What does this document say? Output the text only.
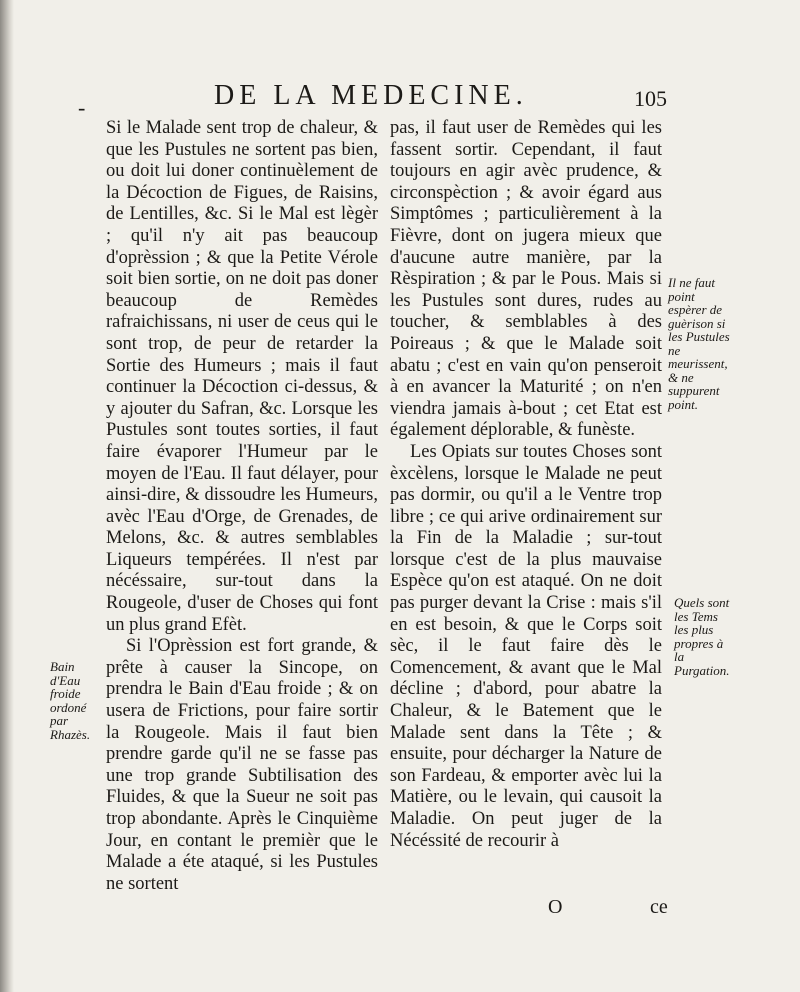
-	DE LA MEDECINE.	105

Si le Malade sent trop de chaleur, & que les Pustules ne sortent pas bien, ou doit lui doner continuèlement de la Décoction de Figues, de Raisins, de Lentilles, &c. Si le Mal est lègèr ; qu'il n'y ait pas beaucoup d'oprèssion ; & que la Petite Vérole soit bien sortie, on ne doit pas doner beaucoup de Remèdes rafraichissans, ni user de ceus qui le sont trop, de peur de retarder la Sortie des Humeurs ; mais il faut continuer la Décoction ci-dessus, & y ajouter du Safran, &c. Lorsque les Pustules sont toutes sorties, il faut faire évaporer l'Humeur par le moyen de l'Eau. Il faut délayer, pour ainsi-dire, & dissoudre les Humeurs, avèc l'Eau d'Orge, de Grenades, de Melons, &c. & autres semblables Liqueurs tempérées. Il n'est par nécéssaire, sur-tout dans la Rougeole, d'user de Choses qui font un plus grand Efèt.

Si l'Oprèssion est fort grande, & prête à causer la Sincope, on prendra le Bain d'Eau froide ; & on usera de Frictions, pour faire sortir la Rougeole. Mais il faut bien prendre garde qu'il ne se fasse pas une trop grande Subtilisation des Fluides, & que la Sueur ne soit pas trop abondante. Après le Cinquième Jour, en contant le premièr que le Malade a éte ataqué, si les Pustules ne sortent

pas, il faut user de Remèdes qui les fassent sortir. Cependant, il faut toujours en agir avèc prudence, & circonspèction ; & avoir égard aus Simptômes ; particulièrement à la Fièvre, dont on jugera mieux que d'aucune autre manière, par la Rèspiration ; & par le Pous. Mais si les Pustules sont dures, rudes au toucher, & semblables à des Poireaus ; & que le Malade soit abatu ; c'est en vain qu'on penseroit à en avancer la Maturité ; on n'en viendra jamais à-bout ; cet Etat est également déplorable, & funèste.

Les Opiats sur toutes Choses sont èxcèlens, lorsque le Malade ne peut pas dormir, ou qu'il a le Ventre trop libre ; ce qui arive ordinairement sur la Fin de la Maladie ; sur-tout lorsque c'est de la plus mauvaise Espèce qu'on est ataqué. On ne doit pas purger devant la Crise : mais s'il en est besoin, & que le Corps soit sèc, il le faut faire dès le Comencement, & avant que le Mal décline ; d'abord, pour abatre la Chaleur, & le Batement que le Malade sent dans la Tête ; & ensuite, pour décharger la Nature de son Fardeau, & emporter avèc lui la Matière, ou le levain, qui causoit la Maladie. On peut juger de la Nécéssité de recourir à

Il ne faut point espèrer de guèrison si les Pustules ne meurissent, & ne suppurent point.
Quels sont les Tems les plus propres à la Purgation.
Bain d'Eau froide ordoné par Rhazès.
O	ce
